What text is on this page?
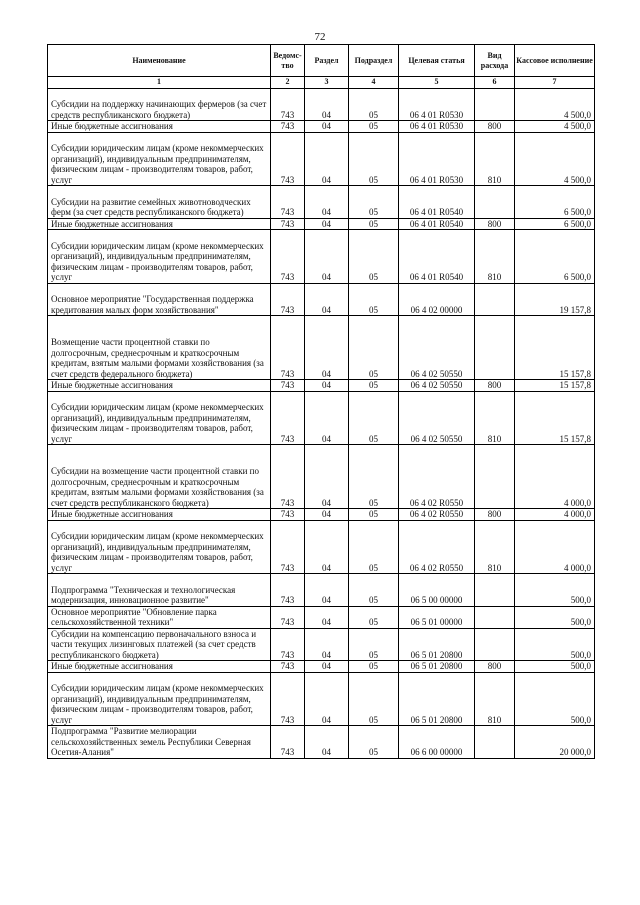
72
Наименование	Ведомс-тво	Раздел	Подраздел	Целевая статья	Вид расхода	Кассовое исполнение
1	2	3	4	5	6	7
Субсидии на поддержку начинающих фермеров (за счет средств республиканского бюджета)	743	04	05	06 4 01 R0530		4 500,0
Иные бюджетные ассигнования	743	04	05	06 4 01 R0530	800	4 500,0
Субсидии юридическим лицам (кроме некоммерческих организаций), индивидуальным предпринимателям, физическим лицам - производителям товаров, работ, услуг	743	04	05	06 4 01 R0530	810	4 500,0
Субсидии на развитие семейных животноводческих ферм (за счет средств республиканского бюджета)	743	04	05	06 4 01 R0540		6 500,0
Иные бюджетные ассигнования	743	04	05	06 4 01 R0540	800	6 500,0
Субсидии юридическим лицам (кроме некоммерческих организаций), индивидуальным предпринимателям, физическим лицам - производителям товаров, работ, услуг	743	04	05	06 4 01 R0540	810	6 500,0
Основное мероприятие "Государственная поддержка кредитования малых форм хозяйствования"	743	04	05	06 4 02 00000		19 157,8
Возмещение части процентной ставки по долгосрочным, среднесрочным и краткосрочным кредитам, взятым малыми формами хозяйствования (за счет средств федерального бюджета)	743	04	05	06 4 02 50550		15 157,8
Иные бюджетные ассигнования	743	04	05	06 4 02 50550	800	15 157,8
Субсидии юридическим лицам (кроме некоммерческих организаций), индивидуальным предпринимателям, физическим лицам - производителям товаров, работ, услуг	743	04	05	06 4 02 50550	810	15 157,8
Субсидии на возмещение части процентной ставки по долгосрочным, среднесрочным и краткосрочным кредитам, взятым малыми формами хозяйствования (за счет средств республиканского бюджета)	743	04	05	06 4 02 R0550		4 000,0
Иные бюджетные ассигнования	743	04	05	06 4 02 R0550	800	4 000,0
Субсидии юридическим лицам (кроме некоммерческих организаций), индивидуальным предпринимателям, физическим лицам - производителям товаров, работ, услуг	743	04	05	06 4 02 R0550	810	4 000,0
Подпрограмма "Техническая и технологическая модернизация, инновационное развитие"	743	04	05	06 5 00 00000		500,0
Основное мероприятие "Обновление парка сельскохозяйственной техники"	743	04	05	06 5 01 00000		500,0
Субсидии на компенсацию первоначального взноса и части текущих лизинговых платежей (за счет средств республиканского бюджета)	743	04	05	06 5 01 20800		500,0
Иные бюджетные ассигнования	743	04	05	06 5 01 20800	800	500,0
Субсидии юридическим лицам (кроме некоммерческих организаций), индивидуальным предпринимателям, физическим лицам - производителям товаров, работ, услуг	743	04	05	06 5 01 20800	810	500,0
Подпрограмма "Развитие мелиорации сельскохозяйственных земель Республики Северная Осетия-Алания"	743	04	05	06 6 00 00000		20 000,0
